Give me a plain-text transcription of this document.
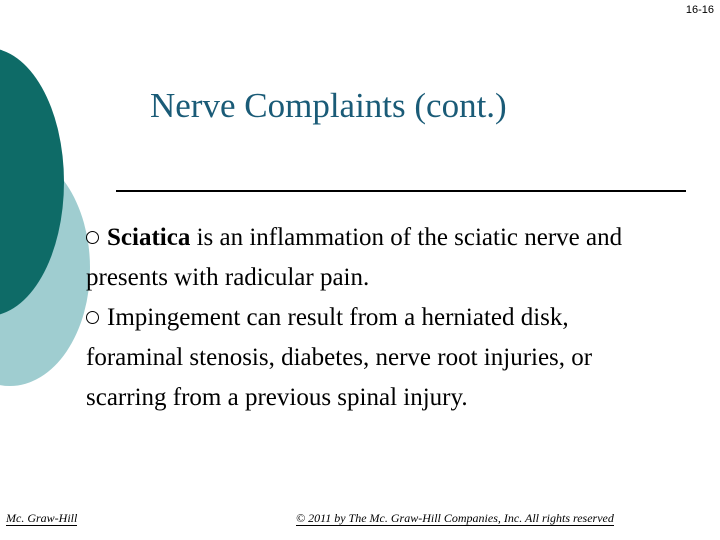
16-16
Nerve Complaints (cont.)

Sciatica is an inflammation of the sciatic nerve and presents with radicular pain.

Impingement can result from a herniated disk, foraminal stenosis, diabetes, nerve root injuries, or scarring from a previous spinal injury.

Mc. Graw-Hill	© 2011 by The Mc. Graw-Hill Companies, Inc. All rights reserved
